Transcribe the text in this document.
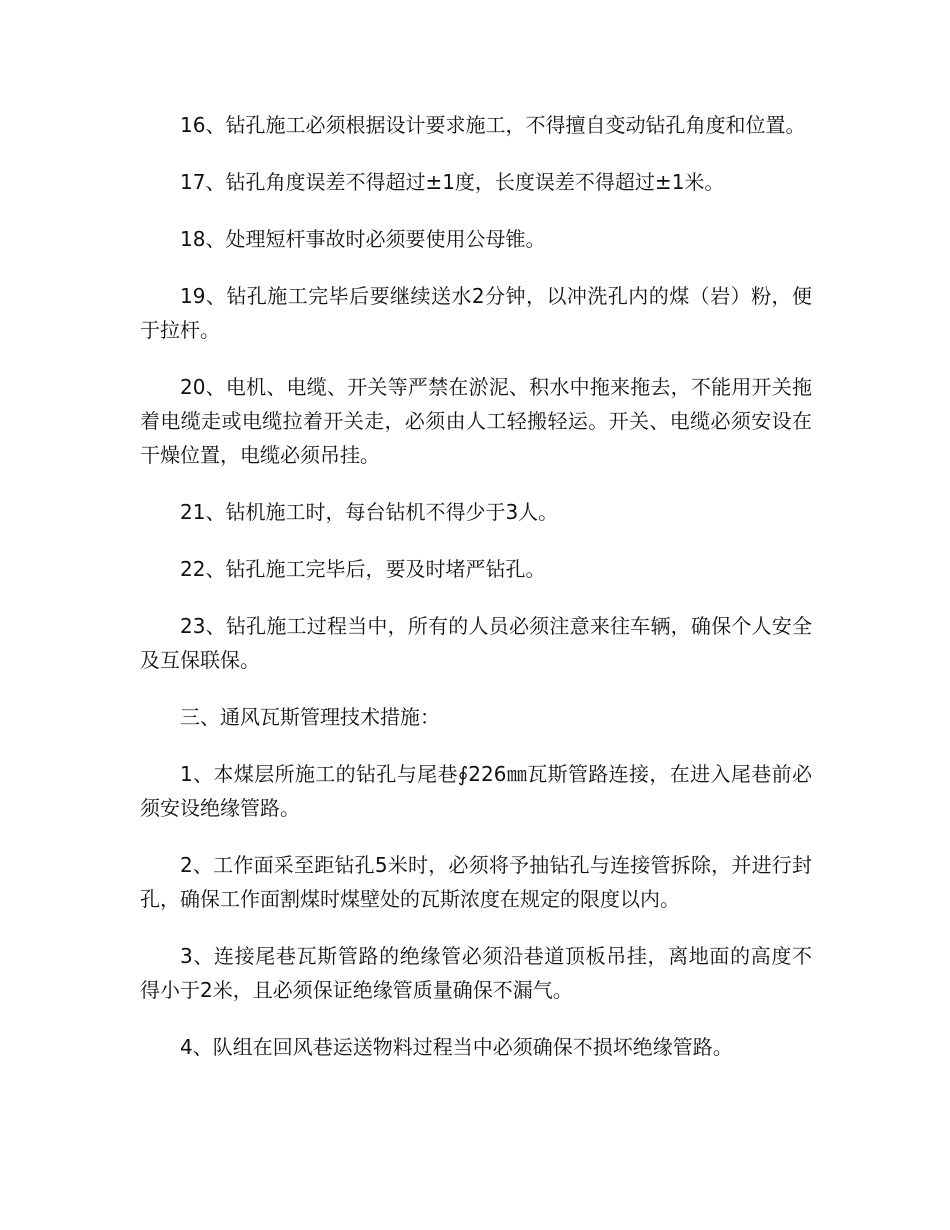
16、钻孔施工必须根据设计要求施工，不得擅自变动钻孔角度和位置。

17、钻孔角度误差不得超过±1度，长度误差不得超过±1米。

18、处理短杆事故时必须要使用公母锥。

19、钻孔施工完毕后要继续送水2分钟，以冲洗孔内的煤（岩）粉，便于拉杆。

20、电机、电缆、开关等严禁在淤泥、积水中拖来拖去，不能用开关拖着电缆走或电缆拉着开关走，必须由人工轻搬轻运。开关、电缆必须安设在干燥位置，电缆必须吊挂。

21、钻机施工时，每台钻机不得少于3人。

22、钻孔施工完毕后，要及时堵严钻孔。

23、钻孔施工过程当中，所有的人员必须注意来往车辆，确保个人安全及互保联保。

三、通风瓦斯管理技术措施：

1、本煤层所施工的钻孔与尾巷∮226㎜瓦斯管路连接，在进入尾巷前必须安设绝缘管路。

2、工作面采至距钻孔5米时，必须将予抽钻孔与连接管拆除，并进行封孔，确保工作面割煤时煤壁处的瓦斯浓度在规定的限度以内。

3、连接尾巷瓦斯管路的绝缘管必须沿巷道顶板吊挂，离地面的高度不得小于2米，且必须保证绝缘管质量确保不漏气。

4、队组在回风巷运送物料过程当中必须确保不损坏绝缘管路。
